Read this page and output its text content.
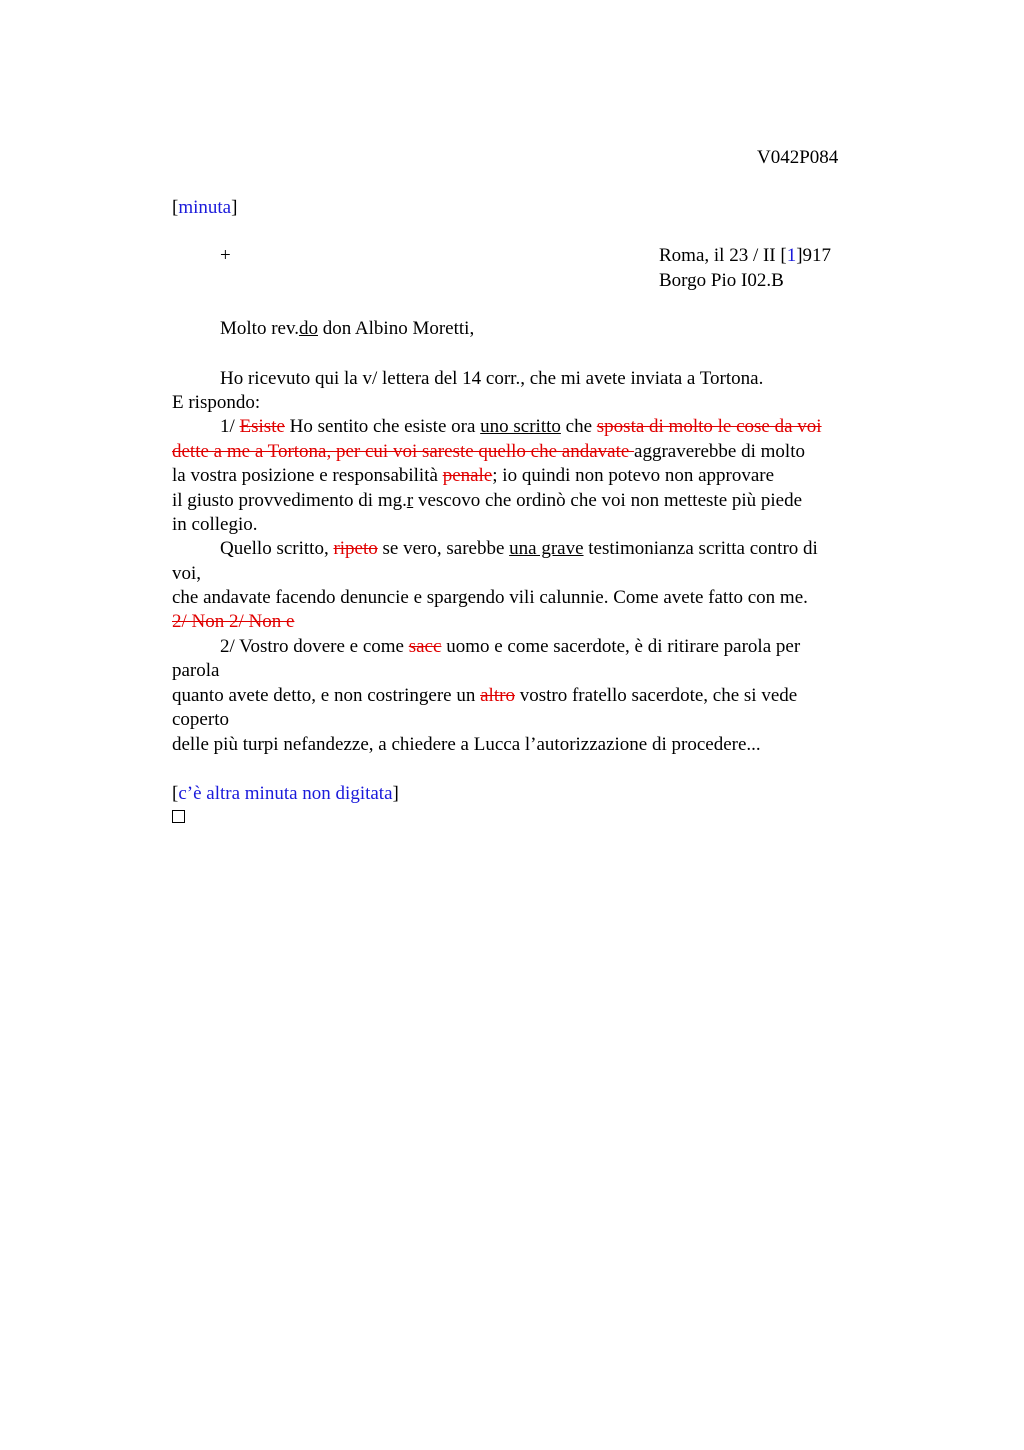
V042P084
[minuta]
+	Roma, il 23 / II [1]917
Borgo Pio I02.B
Molto rev.do don Albino Moretti,
Ho ricevuto qui la v/ lettera del 14 corr., che mi avete inviata a Tortona.
E rispondo:
1/ Esiste Ho sentito che esiste ora uno scritto che sposta di molto le cose da voi
dette a me a Tortona, per cui voi sareste quello che andavate aggraverebbe di molto
la vostra posizione e responsabilità penale; io quindi non potevo non approvare
il giusto provvedimento di mg.r vescovo che ordinò che voi non metteste più piede
in collegio.
Quello scritto, ripeto se vero, sarebbe una grave testimonianza scritta contro di
voi,
che andavate facendo denuncie e spargendo vili calunnie. Come avete fatto con me.
2/ Non 2/ Non e
2/ Vostro dovere e come sacc uomo e come sacerdote, è di ritirare parola per
parola
quanto avete detto, e non costringere un altro vostro fratello sacerdote, che si vede
coperto
delle più turpi nefandezze, a chiedere a Lucca l’autorizzazione di procedere...
[c’è altra minuta non digitata]
